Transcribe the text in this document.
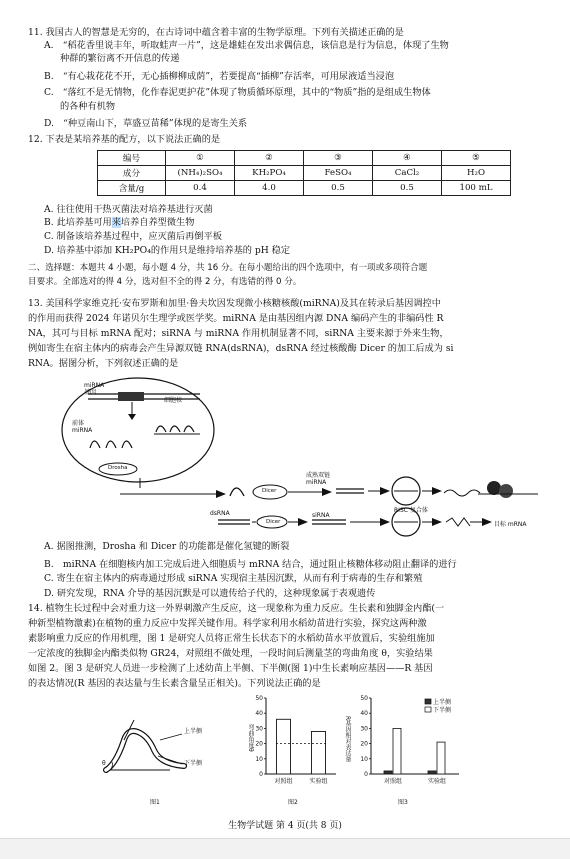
11. 我国古人的智慧是无穷的，在古诗词中蕴含着丰富的生物学原理。下列有关描述正确的是
A.　“稻花香里说丰年，听取蛙声一片”，这是雄蛙在发出求偶信息，该信息是行为信息，体现了生物
种群的繁衍离不开信息的传递
B.　“有心栽花花不开，无心插柳柳成荫”，若要提高“插柳”存活率，可用尿液适当浸泡
C.　“落红不是无情物，化作春泥更护花”体现了物质循环原理，其中的“物质”指的是组成生物体
的各种有机物
D.　“种豆南山下，草盛豆苗稀”体现的是寄生关系
12. 下表是某培养基的配方，以下说法正确的是
编号	①	②	③	④	⑤
成分	(NH₄)₂SO₄	KH₂PO₄	FeSO₄	CaCl₂	H₂O
含量/g	0.4	4.0	0.5	0.5	100 mL
A. 往往使用干热灭菌法对培养基进行灭菌
B. 此培养基可用来培养自养型微生物
C. 制备该培养基过程中，应灭菌后再倒平板
D. 培养基中添加 KH₂PO₄的作用只是维持培养基的 pH 稳定
二、选择题：本题共 4 小题，每小题 4 分，共 16 分。在每小题给出的四个选项中，有一项或多项符合题
目要求。全部选对的得 4 分，选对但不全的得 2 分，有选错的得 0 分。
13. 美国科学家维克托·安布罗斯和加里·鲁夫坎因发现微小核糖核酸(miRNA)及其在转录后基因调控中
的作用而获得 2024 年诺贝尔生理学或医学奖。miRNA 是由基因组内源 DNA 编码产生的非编码性 R
NA，其可与目标 mRNA 配对；siRNA 与 miRNA 作用机制显著不同，siRNA 主要来源于外来生物，
例如寄生在宿主体内的病毒会产生异源双链 RNA(dsRNA)，dsRNA 经过核酸酶 Dicer 的加工后成为 si
RNA。据图分析，下列叙述正确的是
miRNA
基因
细胞核
前体
miRNA
Drosha
Dicer
成熟双链
miRNA
RISC 复合体
dsRNA
Dicer
siRNA
目标 mRNA
A. 据图推测，Drosha 和 Dicer 的功能都是催化氢键的断裂
B.　miRNA 在细胞核内加工完成后进入细胞质与 mRNA 结合，通过阻止核糖体移动阻止翻译的进行
C. 寄生在宿主体内的病毒通过形成 siRNA 实现宿主基因沉默，从而有利于病毒的生存和繁殖
D. 研究发现，RNA 介导的基因沉默是可以遗传给子代的，这种现象属于表观遗传
14. 植物生长过程中会对重力这一外界刺激产生反应，这一现象称为重力反应。生长素和独脚金内酯(一
种新型植物激素)在植物的重力反应中发挥关键作用。科学家利用水稻幼苗进行实验，探究这两种激
素影响重力反应的作用机理，图 1 是研究人员将正常生长状态下的水稻幼苗水平放置后，实验组施加
一定浓度的独脚金内酯类似物 GR24，对照组不做处理，一段时间后测量茎的弯曲角度 θ，实验结果
如图 2。图 3 是研究人员进一步检测了上述幼苗上半侧、下半侧(图 1)中生长素响应基因——R 基因
的表达情况(R 基因的表达量与生长素含量呈正相关)。下列说法正确的是
上半侧
下半侧
θ
图1
0
10
20
30
40
50
对照组	实验组
弯曲角度θ
图2
0
10
20
30
40
50
对照组	实验组
上半侧
下半侧
R基因相对表达量
图3
生物学试题 第 4 页(共 8 页)
